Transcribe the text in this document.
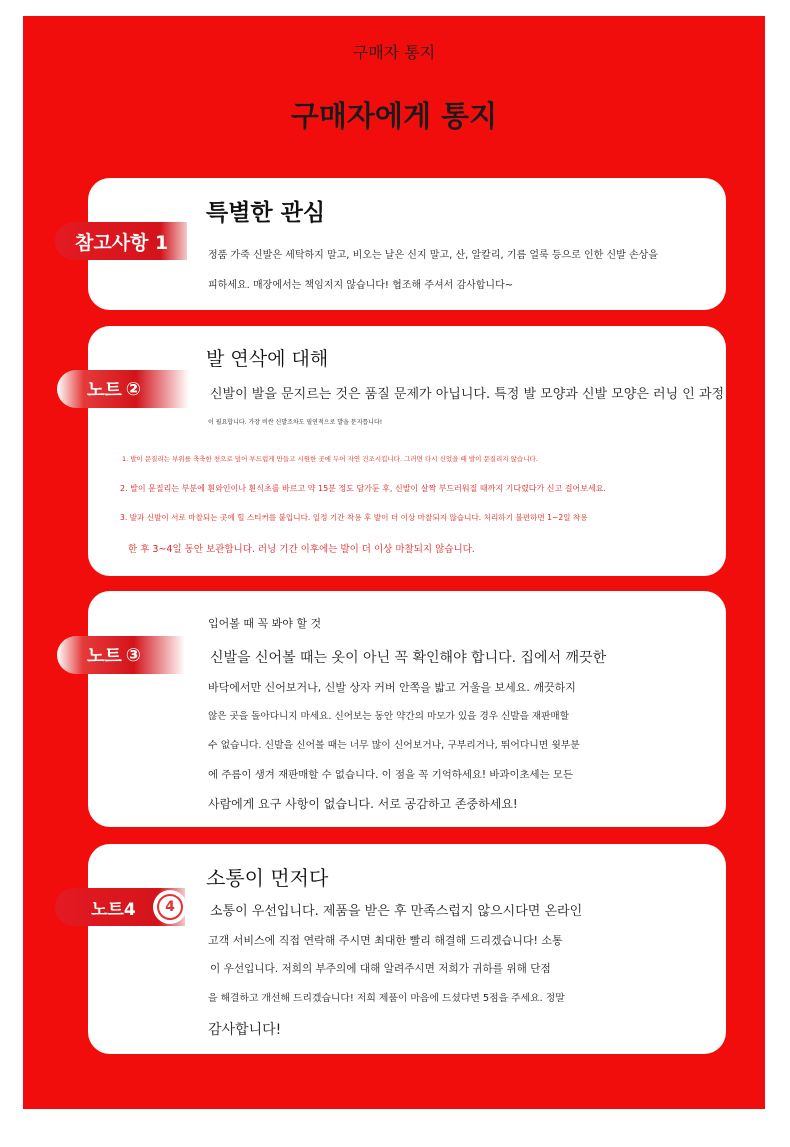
구매자 통지
구매자에게 통지
특별한 관심
정품 가죽 신발은 세탁하지 말고, 비오는 날은 신지 말고, 산, 알칼리, 기름 얼룩 등으로 인한 신발 손상을
피하세요. 매장에서는 책임지지 않습니다! 협조해 주셔서 감사합니다~
참고사항 1
발 연삭에 대해
신발이 발을 문지르는 것은 품질 문제가 아닙니다. 특정 발 모양과 신발 모양은 러닝 인 과정
이 필요합니다. 가장 비싼 신발조차도 필연적으로 발을 문지릅니다!
1. 발이 문질리는 부위를 축축한 천으로 덮어 부드럽게 만들고 시원한 곳에 두어 자연 건조시킵니다. 그러면 다시 신었을 때 발이 문질리지 않습니다.
2. 발이 문질리는 부분에 흰와인이나 흰식초를 바르고 약 15분 정도 담가둔 후, 신발이 살짝 부드러워질 때까지 기다렸다가 신고 걸어보세요.
3. 발과 신발이 서로 마찰되는 곳에 힐 스티커를 붙입니다. 일정 기간 착용 후 발이 더 이상 마찰되지 않습니다. 처리하기 불편하면 1~2일 착용
한 후 3~4일 동안 보관합니다. 러닝 기간 이후에는 발이 더 이상 마찰되지 않습니다.
노트 ②
입어볼 때 꼭 봐야 할 것
신발을 신어볼 때는 옷이 아닌 꼭 확인해야 합니다. 집에서 깨끗한
바닥에서만 신어보거나, 신발 상자 커버 안쪽을 밟고 거울을 보세요. 깨끗하지
않은 곳을 돌아다니지 마세요. 신어보는 동안 약간의 마모가 있을 경우 신발을 재판매할
수 없습니다. 신발을 신어볼 때는 너무 많이 신어보거나, 구부리거나, 뛰어다니면 윗부분
에 주름이 생겨 재판매할 수 없습니다. 이 점을 꼭 기억하세요! 바과이초세는 모든
사람에게 요구 사항이 없습니다. 서로 공감하고 존중하세요!
노트 ③
소통이 먼저다
소통이 우선입니다. 제품을 받은 후 만족스럽지 않으시다면 온라인
고객 서비스에 직접 연락해 주시면 최대한 빨리 해결해 드리겠습니다! 소통
이 우선입니다. 저희의 부주의에 대해 알려주시면 저희가 귀하를 위해 단점
을 해결하고 개선해 드리겠습니다! 저희 제품이 마음에 드셨다면 5점을 주세요. 정말
감사합니다!
노트4	4
